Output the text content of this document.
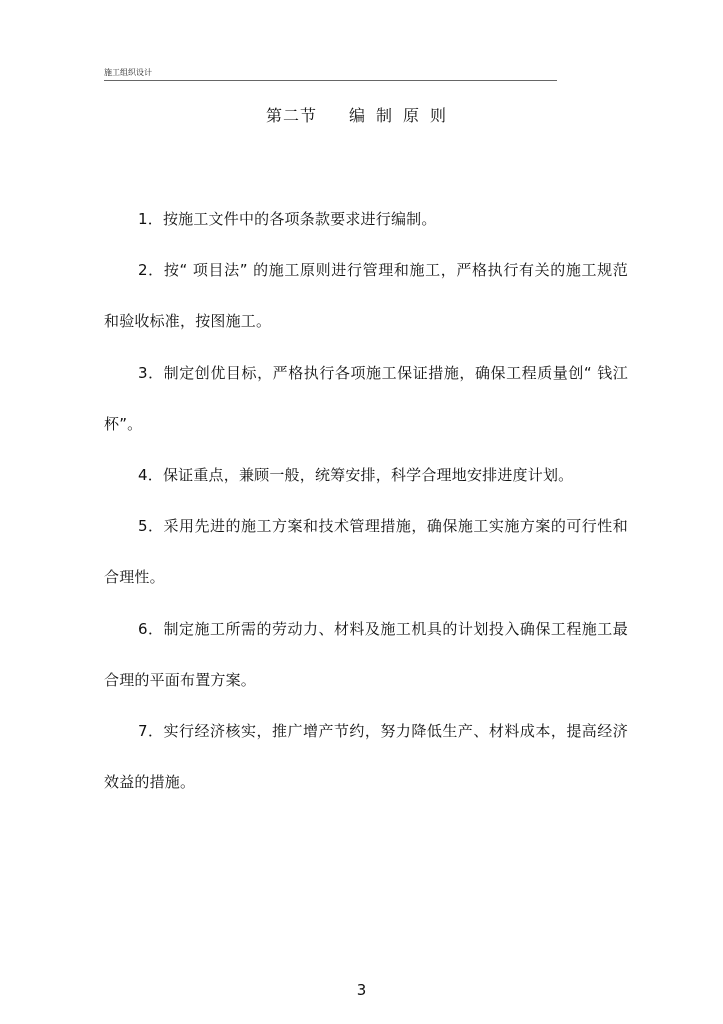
施工组织设计
第二节 编制原则

1．按施工文件中的各项条款要求进行编制。

2．按“ 项目法” 的施工原则进行管理和施工，严格执行有关的施工规范和验收标准，按图施工。

3．制定创优目标，严格执行各项施工保证措施，确保工程质量创“ 钱江杯”。

4．保证重点，兼顾一般，统筹安排，科学合理地安排进度计划。

5．采用先进的施工方案和技术管理措施，确保施工实施方案的可行性和合理性。

6．制定施工所需的劳动力、材料及施工机具的计划投入确保工程施工最合理的平面布置方案。

7．实行经济核实，推广增产节约，努力降低生产、材料成本，提高经济效益的措施。

3
